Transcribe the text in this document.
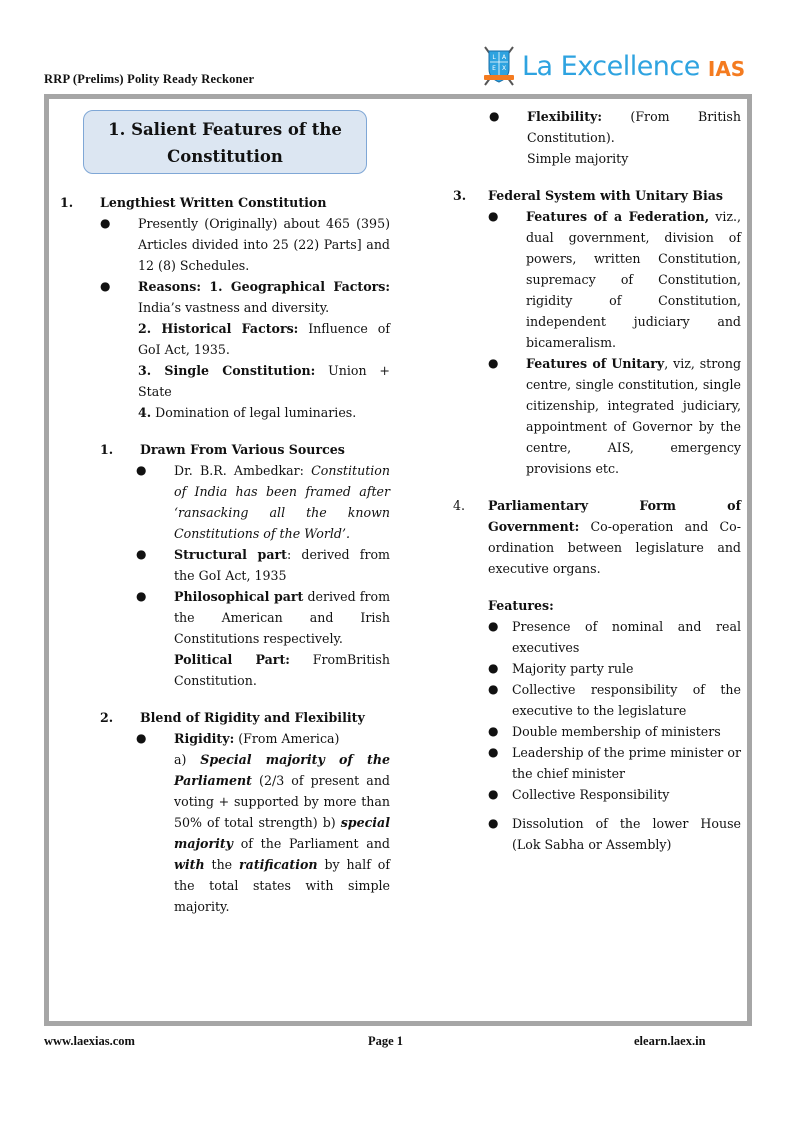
RRP (Prelims) Polity Ready Reckoner
L A
E X La Excellence IAS
1. Salient Features of the Constitution
1.	Lengthiest Written Constitution
●	Presently (Originally) about 465 (395) Articles divided into 25 (22) Parts] and 12 (8) Schedules.
●	Reasons: 1. Geographical Factors: India’s vastness and diversity.
2. Historical Factors: Influence of GoI Act, 1935.
3. Single Constitution: Union + State
4. Domination of legal luminaries.
1.	Drawn From Various Sources
●	Dr. B.R. Ambedkar: Constitution of India has been framed after ‘ransacking all the known Constitutions of the World’.
●	Structural part: derived from the GoI Act, 1935
●	Philosophical part derived from the American and Irish Constitutions respectively.
Political Part: FromBritish Constitution.
2.	Blend of Rigidity and Flexibility
●	Rigidity: (From America)
a) Special majority of the Parliament (2/3 of present and voting + supported by more than 50% of total strength) b) special majority of the Parliament and with the ratification by half of the total states with simple majority.
●	Flexibility: (From British Constitution).
Simple majority
3.	Federal System with Unitary Bias
●	Features of a Federation, viz., dual government, division of powers, written Constitution, supremacy of Constitution, rigidity of Constitution, independent judiciary and bicameralism.
●	Features of Unitary, viz, strong centre, single constitution, single citizenship, integrated judiciary, appointment of Governor by the centre, AIS, emergency provisions etc.
4.	Parliamentary Form of Government: Co-operation and Co-ordination between legislature and executive organs.
Features:
●	Presence of nominal and real executives
●	Majority party rule
●	Collective responsibility of the executive to the legislature
●	Double membership of ministers
●	Leadership of the prime minister or the chief minister
●	Collective Responsibility
●	Dissolution of the lower House (Lok Sabha or Assembly)
www.laexias.com	Page 1	elearn.laex.in
